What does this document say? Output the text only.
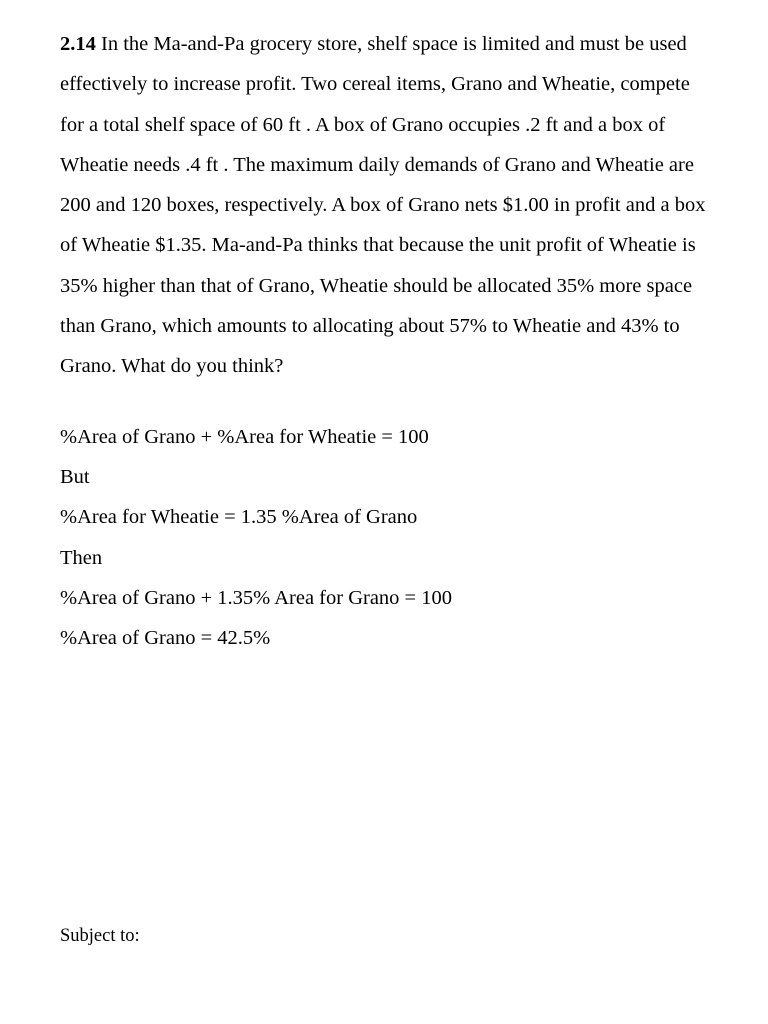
2.14 In the Ma-and-Pa grocery store, shelf space is limited and must be used effectively to increase profit. Two cereal items, Grano and Wheatie, compete for a total shelf space of 60 ft . A box of Grano occupies .2 ft and a box of Wheatie needs .4 ft . The maximum daily demands of Grano and Wheatie are 200 and 120 boxes, respectively. A box of Grano nets $1.00 in profit and a box of Wheatie $1.35. Ma-and-Pa thinks that because the unit profit of Wheatie is 35% higher than that of Grano, Wheatie should be allocated 35% more space than Grano, which amounts to allocating about 57% to Wheatie and 43% to Grano. What do you think?

%Area of Grano + %Area for Wheatie = 100

But

%Area for Wheatie = 1.35 %Area of Grano

Then

%Area of Grano + 1.35% Area for Grano = 100

%Area of Grano = 42.5%

Subject to:
